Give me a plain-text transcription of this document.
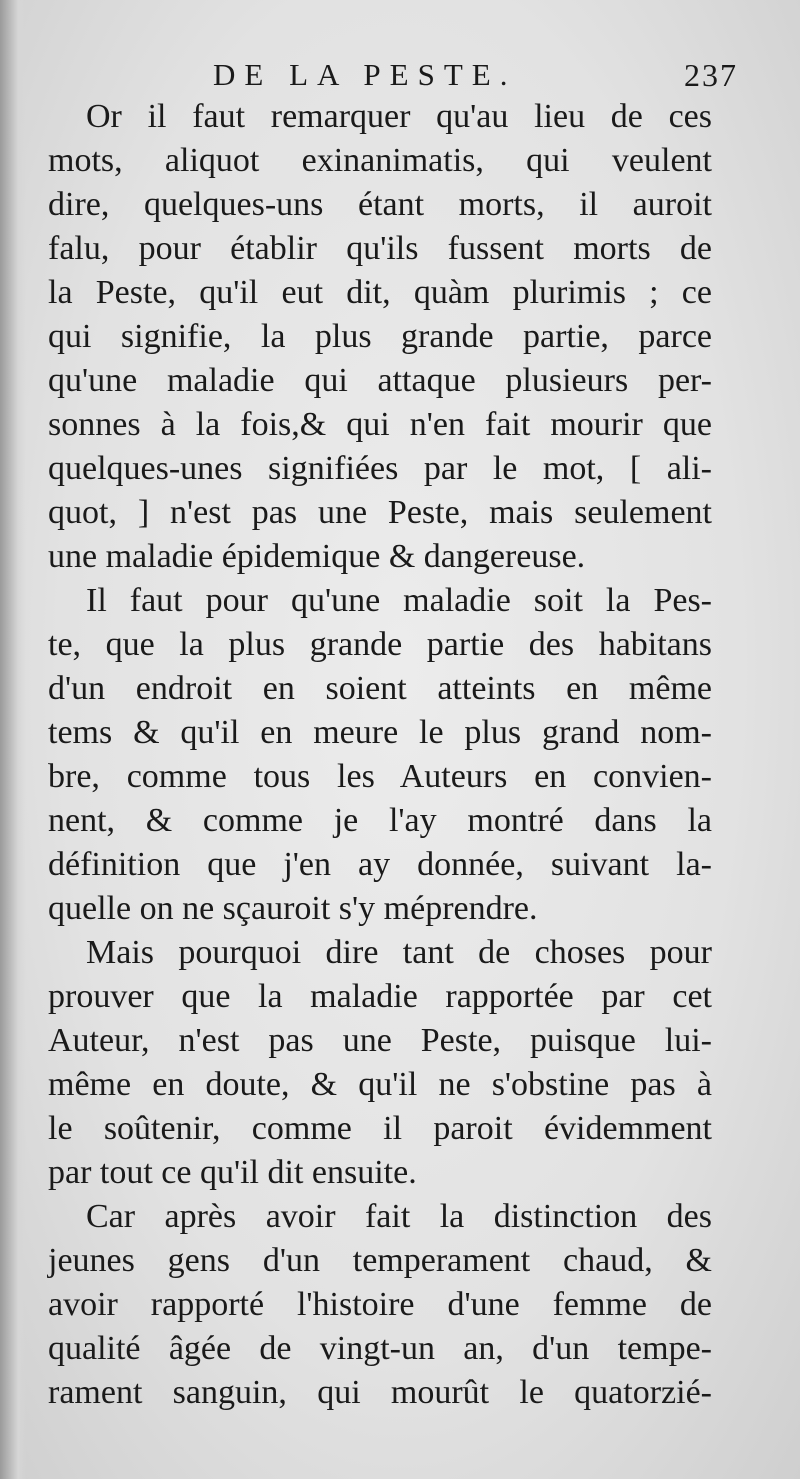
DE LA PESTE.	237
Or il faut remarquer qu'au lieu de ces
mots, aliquot exinanimatis, qui veulent
dire, quelques-uns étant morts, il auroit
falu, pour établir qu'ils fussent morts de
la Peste, qu'il eut dit, quàm plurimis ; ce
qui signifie, la plus grande partie, parce
qu'une maladie qui attaque plusieurs per-
sonnes à la fois,& qui n'en fait mourir que
quelques-unes signifiées par le mot, [ ali-
quot, ] n'est pas une Peste, mais seulement
une maladie épidemique & dangereuse.
Il faut pour qu'une maladie soit la Pes-
te, que la plus grande partie des habitans
d'un endroit en soient atteints en même
tems & qu'il en meure le plus grand nom-
bre, comme tous les Auteurs en convien-
nent, & comme je l'ay montré dans la
définition que j'en ay donnée, suivant la-
quelle on ne sçauroit s'y méprendre.
Mais pourquoi dire tant de choses pour
prouver que la maladie rapportée par cet
Auteur, n'est pas une Peste, puisque lui-
même en doute, & qu'il ne s'obstine pas à
le soûtenir, comme il paroit évidemment
par tout ce qu'il dit ensuite.
Car après avoir fait la distinction des
jeunes gens d'un temperament chaud, &
avoir rapporté l'histoire d'une femme de
qualité âgée de vingt-un an, d'un tempe-
rament sanguin, qui mourût le quatorzié-
